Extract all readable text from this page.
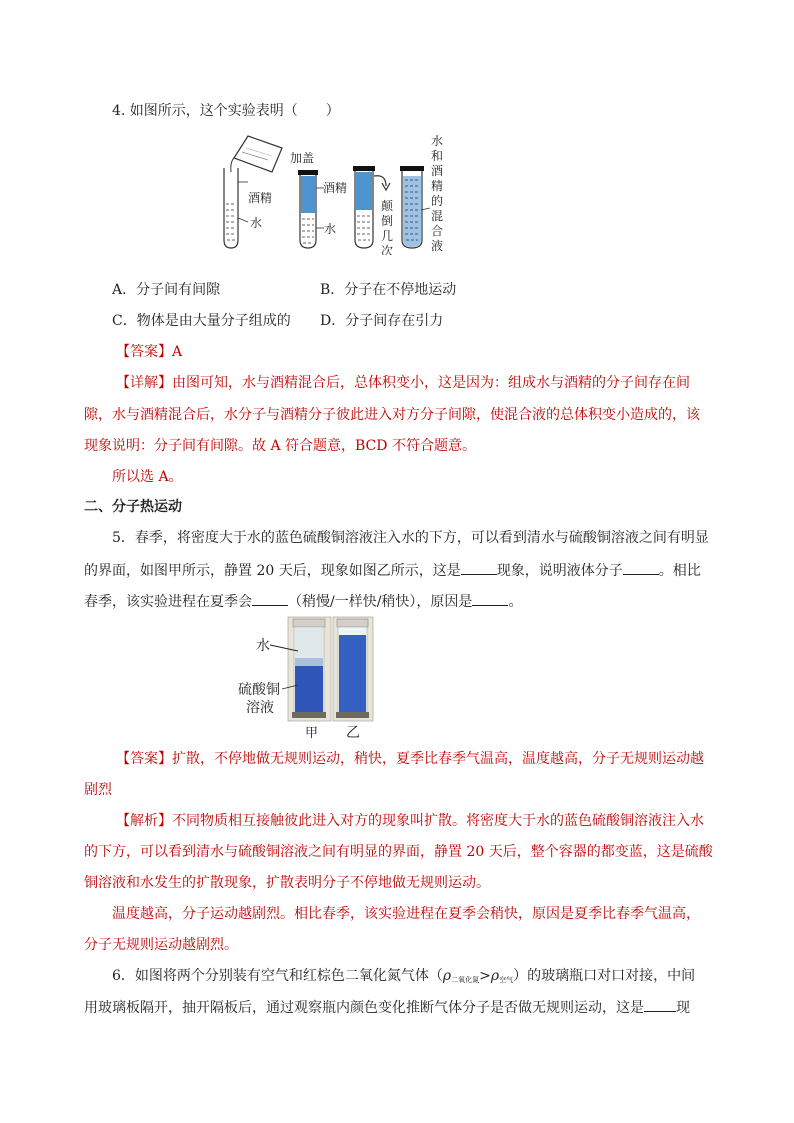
4. 如图所示，这个实验表明（　　）
酒精
水
加盖
酒精
水
颠
倒
几
次
水
和
酒
精
的
混
合
液
A．分子间有间隙	B．分子在不停地运动
C．物体是由大量分子组成的 D．分子间存在引力
【答案】A
【详解】由图可知，水与酒精混合后，总体积变小，这是因为：组成水与酒精的分子间存在间
隙，水与酒精混合后，水分子与酒精分子彼此进入对方分子间隙，使混合液的总体积变小造成的，该
现象说明：分子间有间隙。故 A 符合题意，BCD 不符合题意。
所以选 A。
二、分子热运动
5．春季，将密度大于水的蓝色硫酸铜溶液注入水的下方，可以看到清水与硫酸铜溶液之间有明显
的界面，如图甲所示，静置 20 天后，现象如图乙所示，这是	现象，说明液体分子	。相比
春季，该实验进程在夏季会	（稍慢/一样快/稍快），原因是	。
水
硫酸铜
溶液
甲 乙
【答案】扩散，不停地做无规则运动，稍快，夏季比春季气温高，温度越高，分子无规则运动越
剧烈
【解析】不同物质相互接触彼此进入对方的现象叫扩散。将密度大于水的蓝色硫酸铜溶液注入水
的下方，可以看到清水与硫酸铜溶液之间有明显的界面，静置 20 天后，整个容器的都变蓝，这是硫酸
铜溶液和水发生的扩散现象，扩散表明分子不停地做无规则运动。
温度越高，分子运动越剧烈。相比春季，该实验进程在夏季会稍快，原因是夏季比春季气温高，
分子无规则运动越剧烈。
6．如图将两个分别装有空气和红棕色二氧化氮气体$(\rho_{二氧化氮}>\rho_{空气})$的玻璃瓶口对口对接，中间
用玻璃板隔开，抽开隔板后，通过观察瓶内颜色变化推断气体分子是否做无规则运动，这是 现
